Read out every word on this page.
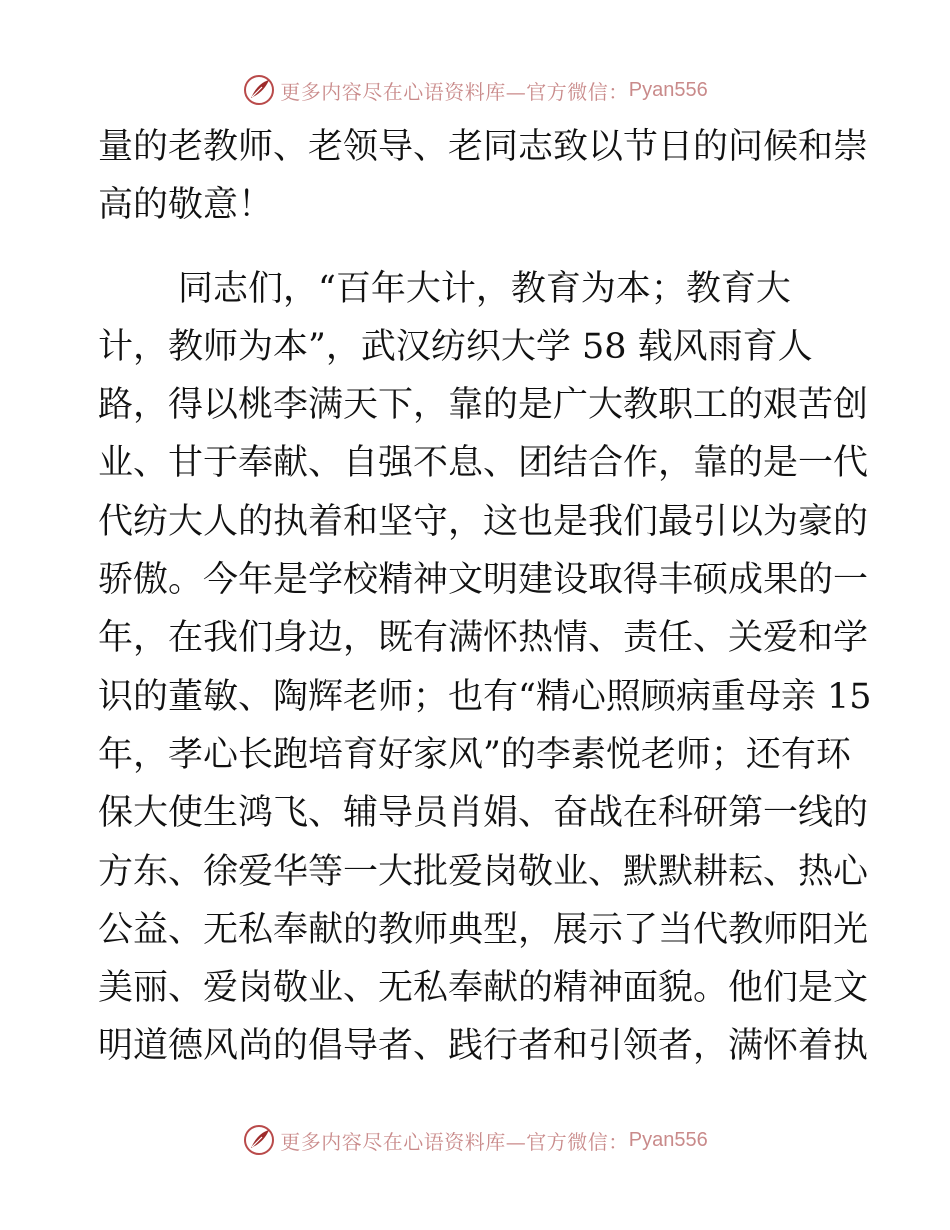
更多内容尽在心语资料库—官方微信： Pyan556
量的老教师、老领导、老同志致以节日的问候和崇
高的敬意！
同志们，“百年大计，教育为本；教育大
计，教师为本”，武汉纺织大学 58 载风雨育人
路，得以桃李满天下，靠的是广大教职工的艰苦创
业、甘于奉献、自强不息、团结合作，靠的是一代
代纺大人的执着和坚守，这也是我们最引以为豪的
骄傲。今年是学校精神文明建设取得丰硕成果的一
年，在我们身边，既有满怀热情、责任、关爱和学
识的董敏、陶辉老师；也有“精心照顾病重母亲 15
年，孝心长跑培育好家风”的李素悦老师；还有环
保大使生鸿飞、辅导员肖娟、奋战在科研第一线的
方东、徐爱华等一大批爱岗敬业、默默耕耘、热心
公益、无私奉献的教师典型，展示了当代教师阳光
美丽、爱岗敬业、无私奉献的精神面貌。他们是文
明道德风尚的倡导者、践行者和引领者，满怀着执
更多内容尽在心语资料库—官方微信： Pyan556
